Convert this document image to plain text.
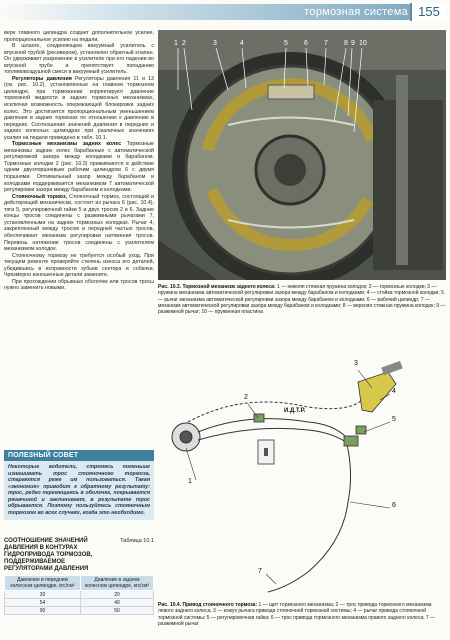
тормозная система 155

вере главного цилиндра создает дополнительное усилие, пропорциональное усилию на педали.

В шланге, соединяющем вакуумный усилитель с впускной трубой (ресивером), установлен обратный клапан. Он удерживает разрежение в усилителе при его падении во впускной трубе и препятствует попаданию топливовоздушной смеси в вакуумный усилитель.

Регуляторы давления Регуляторы давления 11 и 13 (см. рис. 10.2), установленные на главном тормозном цилиндре, при торможении корректируют давление тормозной жидкости в задних тормозных механизмах, исключая возможность опережающей блокировки задних колес. Это достигается пропорциональным уменьшением давления в задних тормозах по отношению к давлению в передних. Соотношение значений давления в передних и задних колесных цилиндрах при различных значениях усилия на педали приведено в табл. 10.1.

Тормозные механизмы задних колес Тормозные механизмы задних колес барабанные с автоматической регулировкой зазора между колодками и барабаном. Тормозные колодки 2 (рис. 10.3) прижимаются в действие одним двухпоршневым рабочим цилиндром 6 с двумя поршнями. Оптимальный зазор между барабаном и колодками поддерживается механизмом 7 автоматической регулировки зазора между барабаном и колодками.

Стояночный тормоз, Стояночный тормоз, состоящий и действующий механически, состоит из рычага 6 (рис. 10.4), тяги 5, регулировочной гайки 5 и двух тросов 2 и 6. Задние концы тросов соединены с разжимными рычагами 7, установленными на задних тормозных колодках. Рычаг 4, закрепленный между тросом и передней частью тросов, обеспечивает механизм регулировки натяжения тросов. Перевязь натяжение тросов соединены с усилителем механизмом колодок.

Стояночному тормозу не требуется особый уход. При текущем ремонте проверяйте степень износа его деталей, убедившись в исправности зубьев сектора и собачки. Чрезмерно изношенные детали замените.

При прохождении обрывных оболочек или тросов тросы нужно заменить новыми.

ПОЛЕЗНЫЙ СОВЕТ
Некоторые водители, стремясь поменьше изнашивать трос стояночного тормоза, стараются реже им пользоваться. Такая «экономия» приводит к обратному результату: трос, редко перемещаясь в оболочке, покрывается ржавчиной и заклинивает, в результате трос обрывается. Поэтому пользуйтесь стояночным тормозом во всех случаях, когда это необходимо.
СООТНОШЕНИЕ ЗНАЧЕНИЙ ДАВЛЕНИЯ В КОНТУРАХ ГИДРОПРИВОДА ТОРМОЗОВ, ПОДДЕРЖИВАЕМОЕ РЕГУЛЯТОРАМИ ДАВЛЕНИЯ
Таблица 10.1
Давление в переднем колесном цилиндре, кгс/см²	Давление в заднем колесном цилиндре, кгс/см²
20	20
54	40
90	50
1 2	3	4	5 6 7 8 9 10
Рис. 10.3. Тормозной механизм заднего колеса: 1 — нижняя стяжная пружина колодок; 2 — тормозные колодки; 3 — пружина механизма автоматической регулировки зазора между барабаном и колодками; 4 — стойка тормозной колодки; 5 — рычаг механизма автоматической регулировки зазора между барабаном и колодками; 6 — рабочий цилиндр; 7 — механизм автоматической регулировки зазора между барабаном и колодками; 8 — верхняя стяжная пружина колодок; 9 — разжимной рычаг; 10 — пружинная пластина
1
2
3
4
5
6
7
И.Д.Т.Р.
Рис. 10.4. Привод стояночного тормоза: 1 — щит тормозного механизма; 2 — трос привода тормозного механизма левого заднего колеса; 3 — кожух рычага привода стояночной тормозной системы; 4 — рычаг привода стояночной тормозной системы; 5 — регулировочная гайка; 6 — трос привода тормозного механизма правого заднего колеса; 7 — разжимной рычаг
